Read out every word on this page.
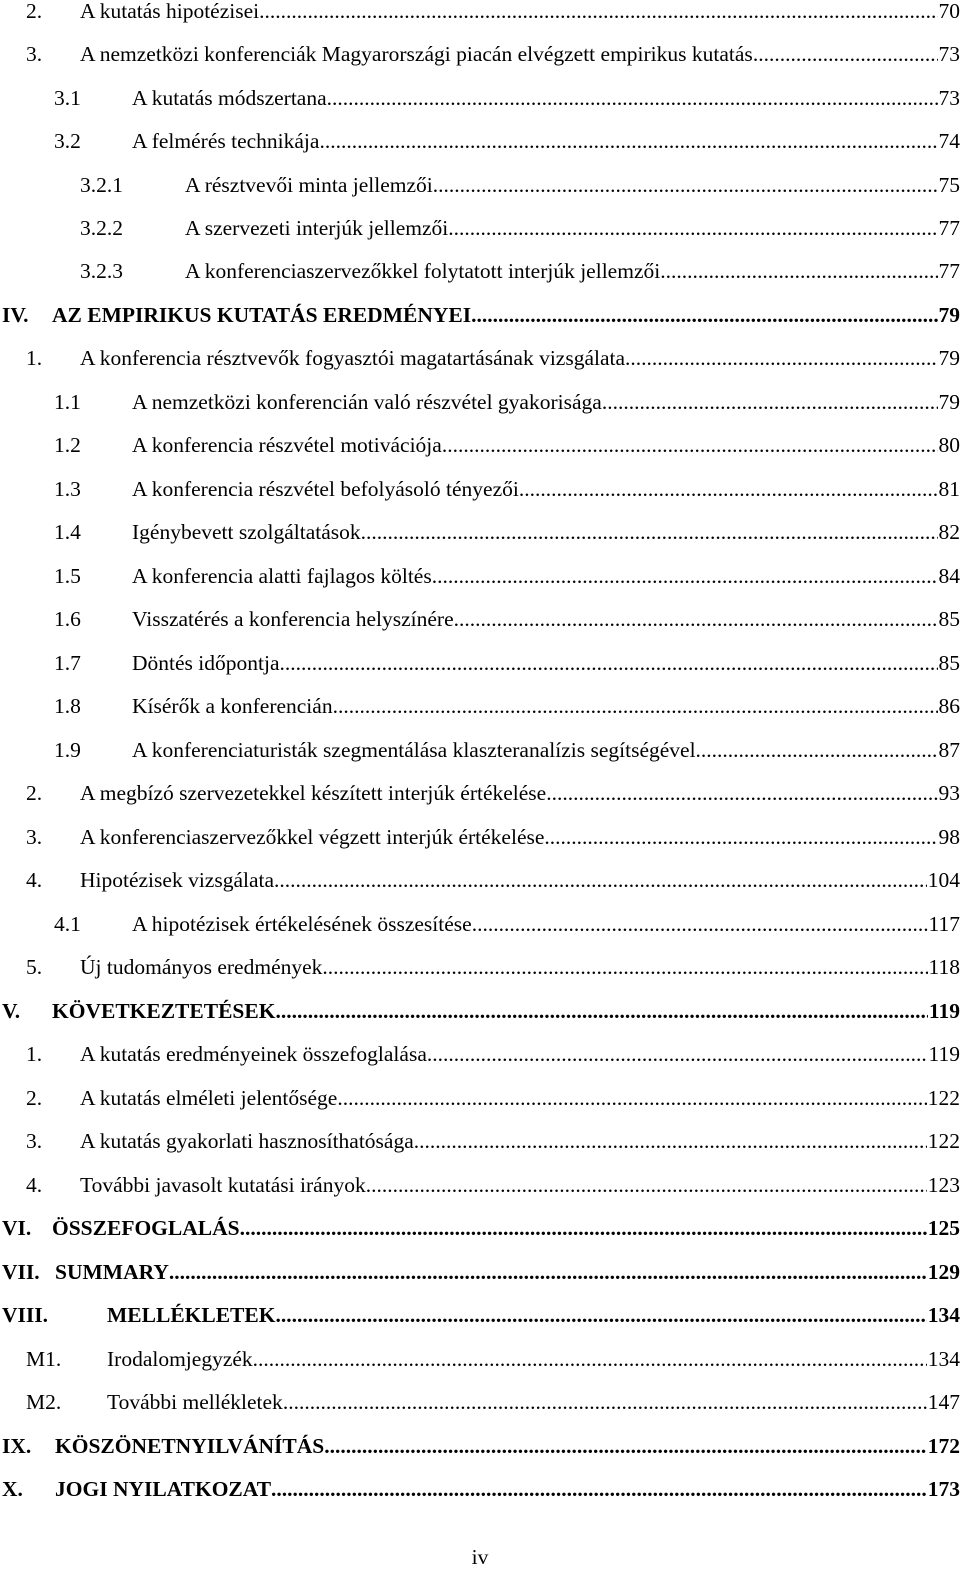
2. A kutatás hipotézisei .....	70
3. A nemzetközi konferenciák Magyarországi piacán elvégzett empirikus kutatás .....	73
3.1 A kutatás módszertana .....	73
3.2 A felmérés technikája .....	74
3.2.1	A résztvevői minta jellemzői .....	75
3.2.2	A szervezeti interjúk jellemzői .....	77
3.2.3	A konferenciaszervezőkkel folytatott interjúk jellemzői .....	77
IV. AZ EMPIRIKUS KUTATÁS EREDMÉNYEI .....	79
1. A konferencia résztvevők fogyasztói magatartásának vizsgálata .....	79
1.1 A nemzetközi konferencián való részvétel gyakorisága .....	79
1.2 A konferencia részvétel motivációja .....	80
1.3 A konferencia részvétel befolyásoló tényezői .....	81
1.4 Igénybevett szolgáltatások .....	82
1.5 A konferencia alatti fajlagos költés .....	84
1.6 Visszatérés a konferencia helyszínére .....	85
1.7 Döntés időpontja .....	85
1.8 Kísérők a konferencián .....	86
1.9 A konferenciaturisták szegmentálása klaszteranalízis segítségével .....	87
2. A megbízó szervezetekkel készített interjúk értékelése .....	93
3. A konferenciaszervezőkkel végzett interjúk értékelése .....	98
4. Hipotézisek vizsgálata .....	104
4.1 A hipotézisek értékelésének összesítése .....	117
5. Új tudományos eredmények .....	118
V. KÖVETKEZTETÉSEK .....	119
1. A kutatás eredményeinek összefoglalása .....	119
2. A kutatás elméleti jelentősége .....	122
3. A kutatás gyakorlati hasznosíthatósága .....	122
4. További javasolt kutatási irányok .....	123
VI. ÖSSZEFOGLALÁS .....	125
VII. SUMMARY .....	129
VIII.	MELLÉKLETEK .....	134
M1. Irodalomjegyzék .....	134
M2. További mellékletek .....	147
IX. KÖSZÖNETNYILVÁNÍTÁS .....	172
X. JOGI NYILATKOZAT .....	173
iv
